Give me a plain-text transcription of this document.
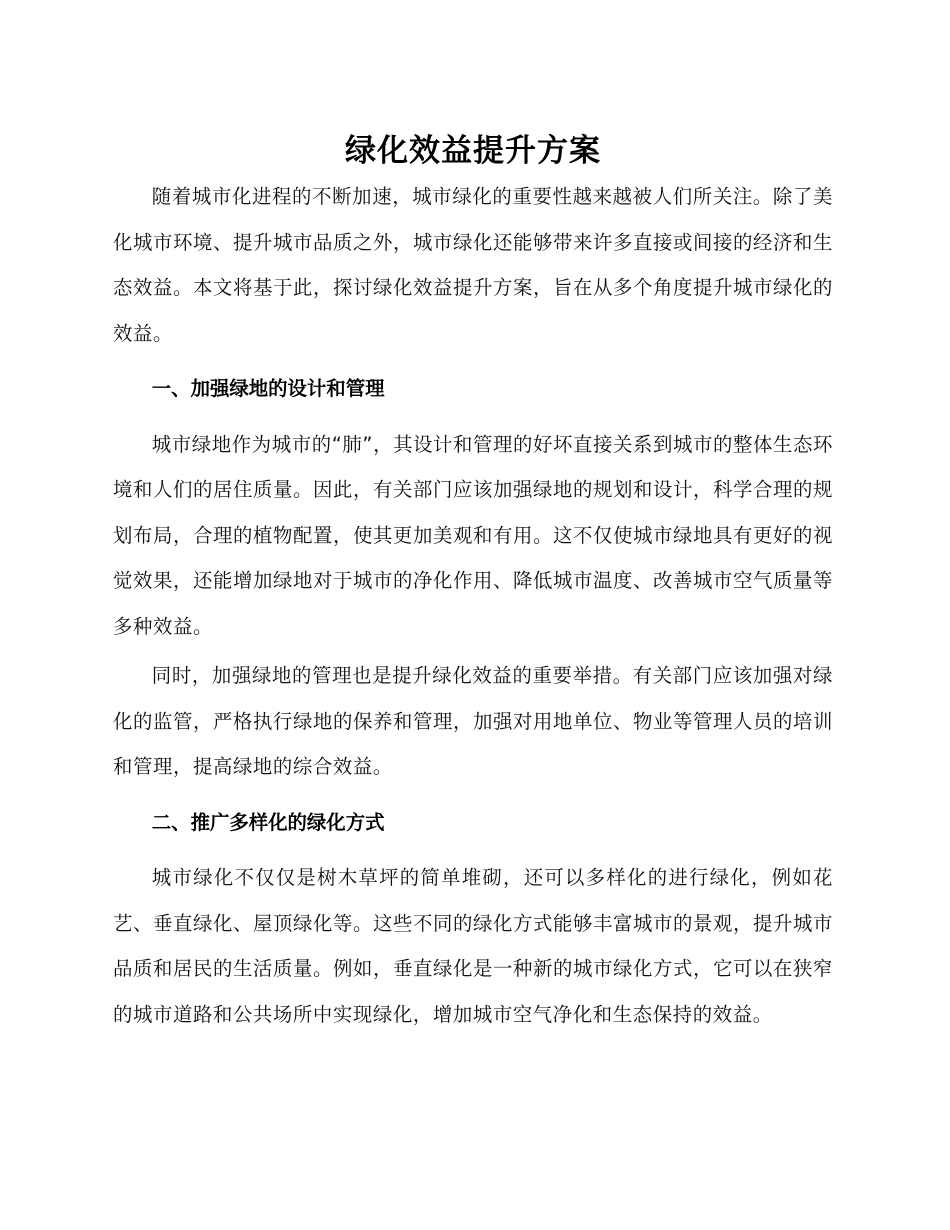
绿化效益提升方案

随着城市化进程的不断加速，城市绿化的重要性越来越被人们所关注。除了美化城市环境、提升城市品质之外，城市绿化还能够带来许多直接或间接的经济和生态效益。本文将基于此，探讨绿化效益提升方案，旨在从多个角度提升城市绿化的效益。

一、加强绿地的设计和管理

城市绿地作为城市的“肺”，其设计和管理的好坏直接关系到城市的整体生态环境和人们的居住质量。因此，有关部门应该加强绿地的规划和设计，科学合理的规划布局，合理的植物配置，使其更加美观和有用。这不仅使城市绿地具有更好的视觉效果，还能增加绿地对于城市的净化作用、降低城市温度、改善城市空气质量等多种效益。

同时，加强绿地的管理也是提升绿化效益的重要举措。有关部门应该加强对绿化的监管，严格执行绿地的保养和管理，加强对用地单位、物业等管理人员的培训和管理，提高绿地的综合效益。

二、推广多样化的绿化方式

城市绿化不仅仅是树木草坪的简单堆砌，还可以多样化的进行绿化，例如花艺、垂直绿化、屋顶绿化等。这些不同的绿化方式能够丰富城市的景观，提升城市品质和居民的生活质量。例如，垂直绿化是一种新的城市绿化方式，它可以在狭窄的城市道路和公共场所中实现绿化，增加城市空气净化和生态保持的效益。
